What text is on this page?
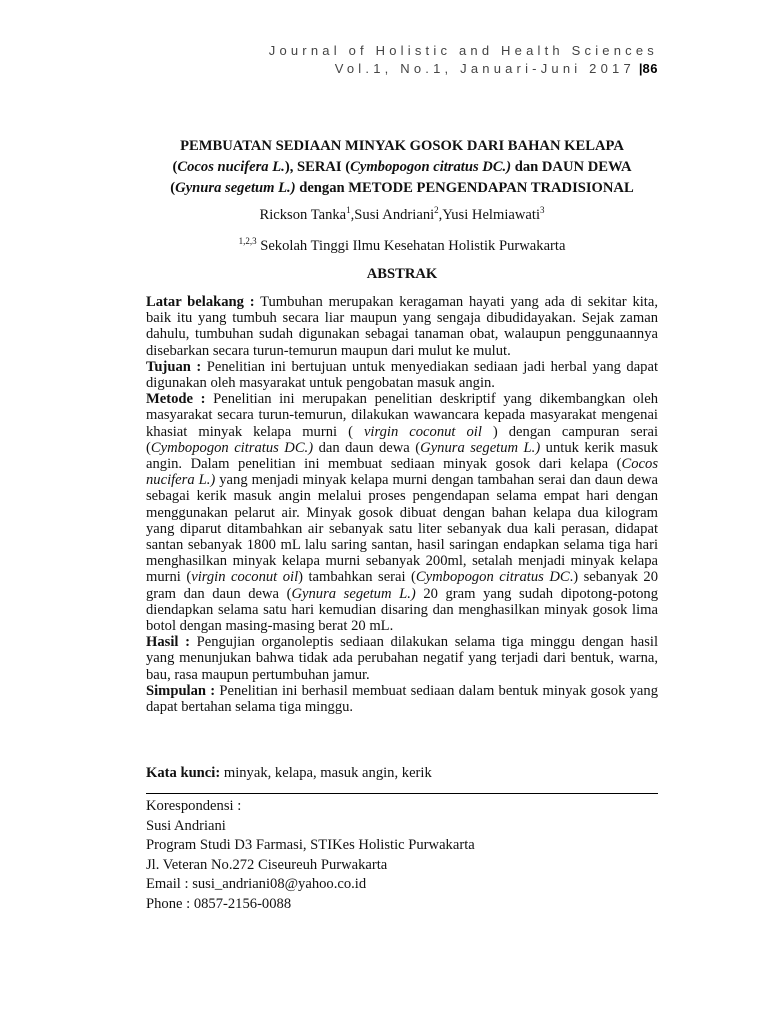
Journal of Holistic and Health Sciences
Vol.1, No.1, Januari-Juni 2017 |86
PEMBUATAN SEDIAAN MINYAK GOSOK DARI BAHAN KELAPA
(Cocos nucifera L.), SERAI (Cymbopogon citratus DC.) dan DAUN DEWA
(Gynura segetum L.) dengan METODE PENGENDAPAN TRADISIONAL
Rickson Tanka$^1$,Susi Andriani$^2$,Yusi Helmiawati$^3$
$^{1,2,3}$ Sekolah Tinggi Ilmu Kesehatan Holistik Purwakarta
ABSTRAK

Latar belakang : Tumbuhan merupakan keragaman hayati yang ada di sekitar kita, baik itu yang tumbuh secara liar maupun yang sengaja dibudidayakan. Sejak zaman dahulu, tumbuhan sudah digunakan sebagai tanaman obat, walaupun penggunaannya disebarkan secara turun-temurun maupun dari mulut ke mulut.

Tujuan : Penelitian ini bertujuan untuk menyediakan sediaan jadi herbal yang dapat digunakan oleh masyarakat untuk pengobatan masuk angin.

Metode : Penelitian ini merupakan penelitian deskriptif yang dikembangkan oleh masyarakat secara turun-temurun, dilakukan wawancara kepada masyarakat mengenai khasiat minyak kelapa murni ( virgin coconut oil ) dengan campuran serai (Cymbopogon citratus DC.) dan daun dewa (Gynura segetum L.) untuk kerik masuk angin. Dalam penelitian ini membuat sediaan minyak gosok dari kelapa (Cocos nucifera L.) yang menjadi minyak kelapa murni dengan tambahan serai dan daun dewa sebagai kerik masuk angin melalui proses pengendapan selama empat hari dengan menggunakan pelarut air. Minyak gosok dibuat dengan bahan kelapa dua kilogram yang diparut ditambahkan air sebanyak satu liter sebanyak dua kali perasan, didapat santan sebanyak 1800 mL lalu saring santan, hasil saringan endapkan selama tiga hari menghasilkan minyak kelapa murni sebanyak 200ml, setalah menjadi minyak kelapa murni (virgin coconut oil) tambahkan serai (Cymbopogon citratus DC.) sebanyak 20 gram dan daun dewa (Gynura segetum L.) 20 gram yang sudah dipotong-potong diendapkan selama satu hari kemudian disaring dan menghasilkan minyak gosok lima botol dengan masing-masing berat 20 mL.

Hasil : Pengujian organoleptis sediaan dilakukan selama tiga minggu dengan hasil yang menunjukan bahwa tidak ada perubahan negatif yang terjadi dari bentuk, warna, bau, rasa maupun pertumbuhan jamur.

Simpulan : Penelitian ini berhasil membuat sediaan dalam bentuk minyak gosok yang dapat bertahan selama tiga minggu.

Kata kunci: minyak, kelapa, masuk angin, kerik
Korespondensi :
Susi Andriani
Program Studi D3 Farmasi, STIKes Holistic Purwakarta
Jl. Veteran No.272 Ciseureuh Purwakarta
Email : susi_andriani08@yahoo.co.id
Phone : 0857-2156-0088
